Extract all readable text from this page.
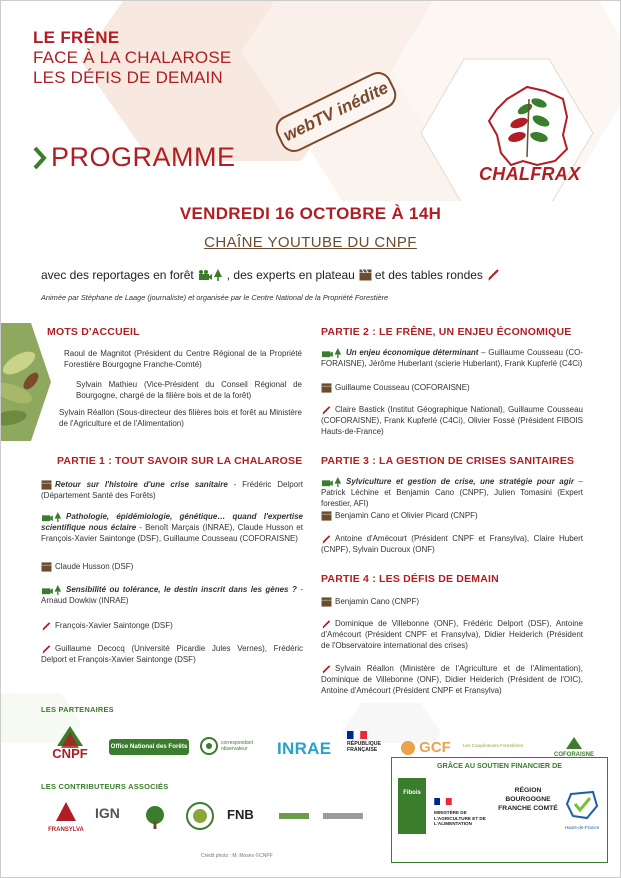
LE FRÊNE
FACE À LA CHALAROSE
LES DÉFIS DE DEMAIN
webTV inédite
PROGRAMME
CHALFRAX
VENDREDI 16 OCTOBRE À 14H
CHAÎNE YOUTUBE DU CNPF
avec des reportages en forêt	, des experts en plateau et des tables rondes
Animée par Stéphane de Laage (journaliste) et organisée par le Centre National de la Propriété Forestière
MOTS D'ACCUEIL
Raoul de Magnitot (Président du Centre Régional de la Propriété Forestière Bourgogne Franche-Comté)
Sylvain Mathieu (Vice-Président du Conseil Régional de Bourgogne, chargé de la filière bois et de la forêt)
Sylvain Réallon (Sous-directeur des filières bois et forêt au Ministère de l'Agriculture et de l'Alimentation)
PARTIE 1 : TOUT SAVOIR SUR LA CHALAROSE
Retour sur l'histoire d'une crise sanitaire - Frédéric Delport (Département Santé des Forêts)
Pathologie, épidémiologie, génétique… quand l'expertise scientifique nous éclaire - Benoît Marçais (INRAE), Claude Husson et François-Xavier Saintonge (DSF), Guillaume Cousseau (COFORAISNE)
Claude Husson (DSF)
Sensibilité ou tolérance, le destin inscrit dans les gènes ? - Arnaud Dowkiw (INRAE)
François-Xavier Saintonge (DSF)
Guillaume Decocq (Université Picardie Jules Vernes), Frédéric Delport et François-Xavier Saintonge (DSF)
PARTIE 2 : LE FRÊNE, UN ENJEU ÉCONOMIQUE
Un enjeu économique déterminant – Guillaume Cousseau (CO-FORAISNE), Jérôme Huberlant (scierie Huberlant), Frank Kupferlé (C4Ci)
Guillaume Cousseau (COFORAISNE)
Claire Bastick (Institut Géographique National), Guillaume Cousseau (COFORAISNE), Frank Kupferlé (C4Ci), Olivier Fossé (Président FIBOIS Hauts-de-France)
PARTIE 3 : LA GESTION DE CRISES SANITAIRES
Sylviculture et gestion de crise, une stratégie pour agir – Patrick Léchine et Benjamin Cano (CNPF), Julien Tomasini (Expert forestier, AFI)
Benjamin Cano et Olivier Picard (CNPF)
Antoine d'Amécourt (Président CNPF et Fransylva), Claire Hubert (CNPF), Sylvain Ducroux (ONF)
PARTIE 4 : LES DÉFIS DE DEMAIN
Benjamin Cano (CNPF)
Dominique de Villebonne (ONF), Frédéric Delport (DSF), Antoine d'Amécourt (Président CNPF et Fransylva), Didier Heiderich (Président de l'Observatoire international des crises)
Sylvain Réallon (Ministère de l'Agriculture et de l'Alimentation), Dominique de Villebonne (ONF), Didier Heiderich (Président de l'OIC), Antoine d'Amécourt (Président CNPF et Fransylva)
LES PARTENAIRES
CNPF	Office National des Forêts	correspondant observateur	INRAE	RÉPUBLIQUE FRANÇAISE	GCF	Les Coopératives Forestières
COFORAISNE
LES CONTRIBUTEURS ASSOCIÉS
FRANSYLVA
IGN	FNB
GRÂCE AU SOUTIEN FINANCIER DE
Fibois
MINISTÈRE DE L'AGRICULTURE ET DE L'ALIMENTATION
RÉGION BOURGOGNE FRANCHE COMTÉ
Hauts-de-France
Crédit photo : M. Mosès ©CNPF
